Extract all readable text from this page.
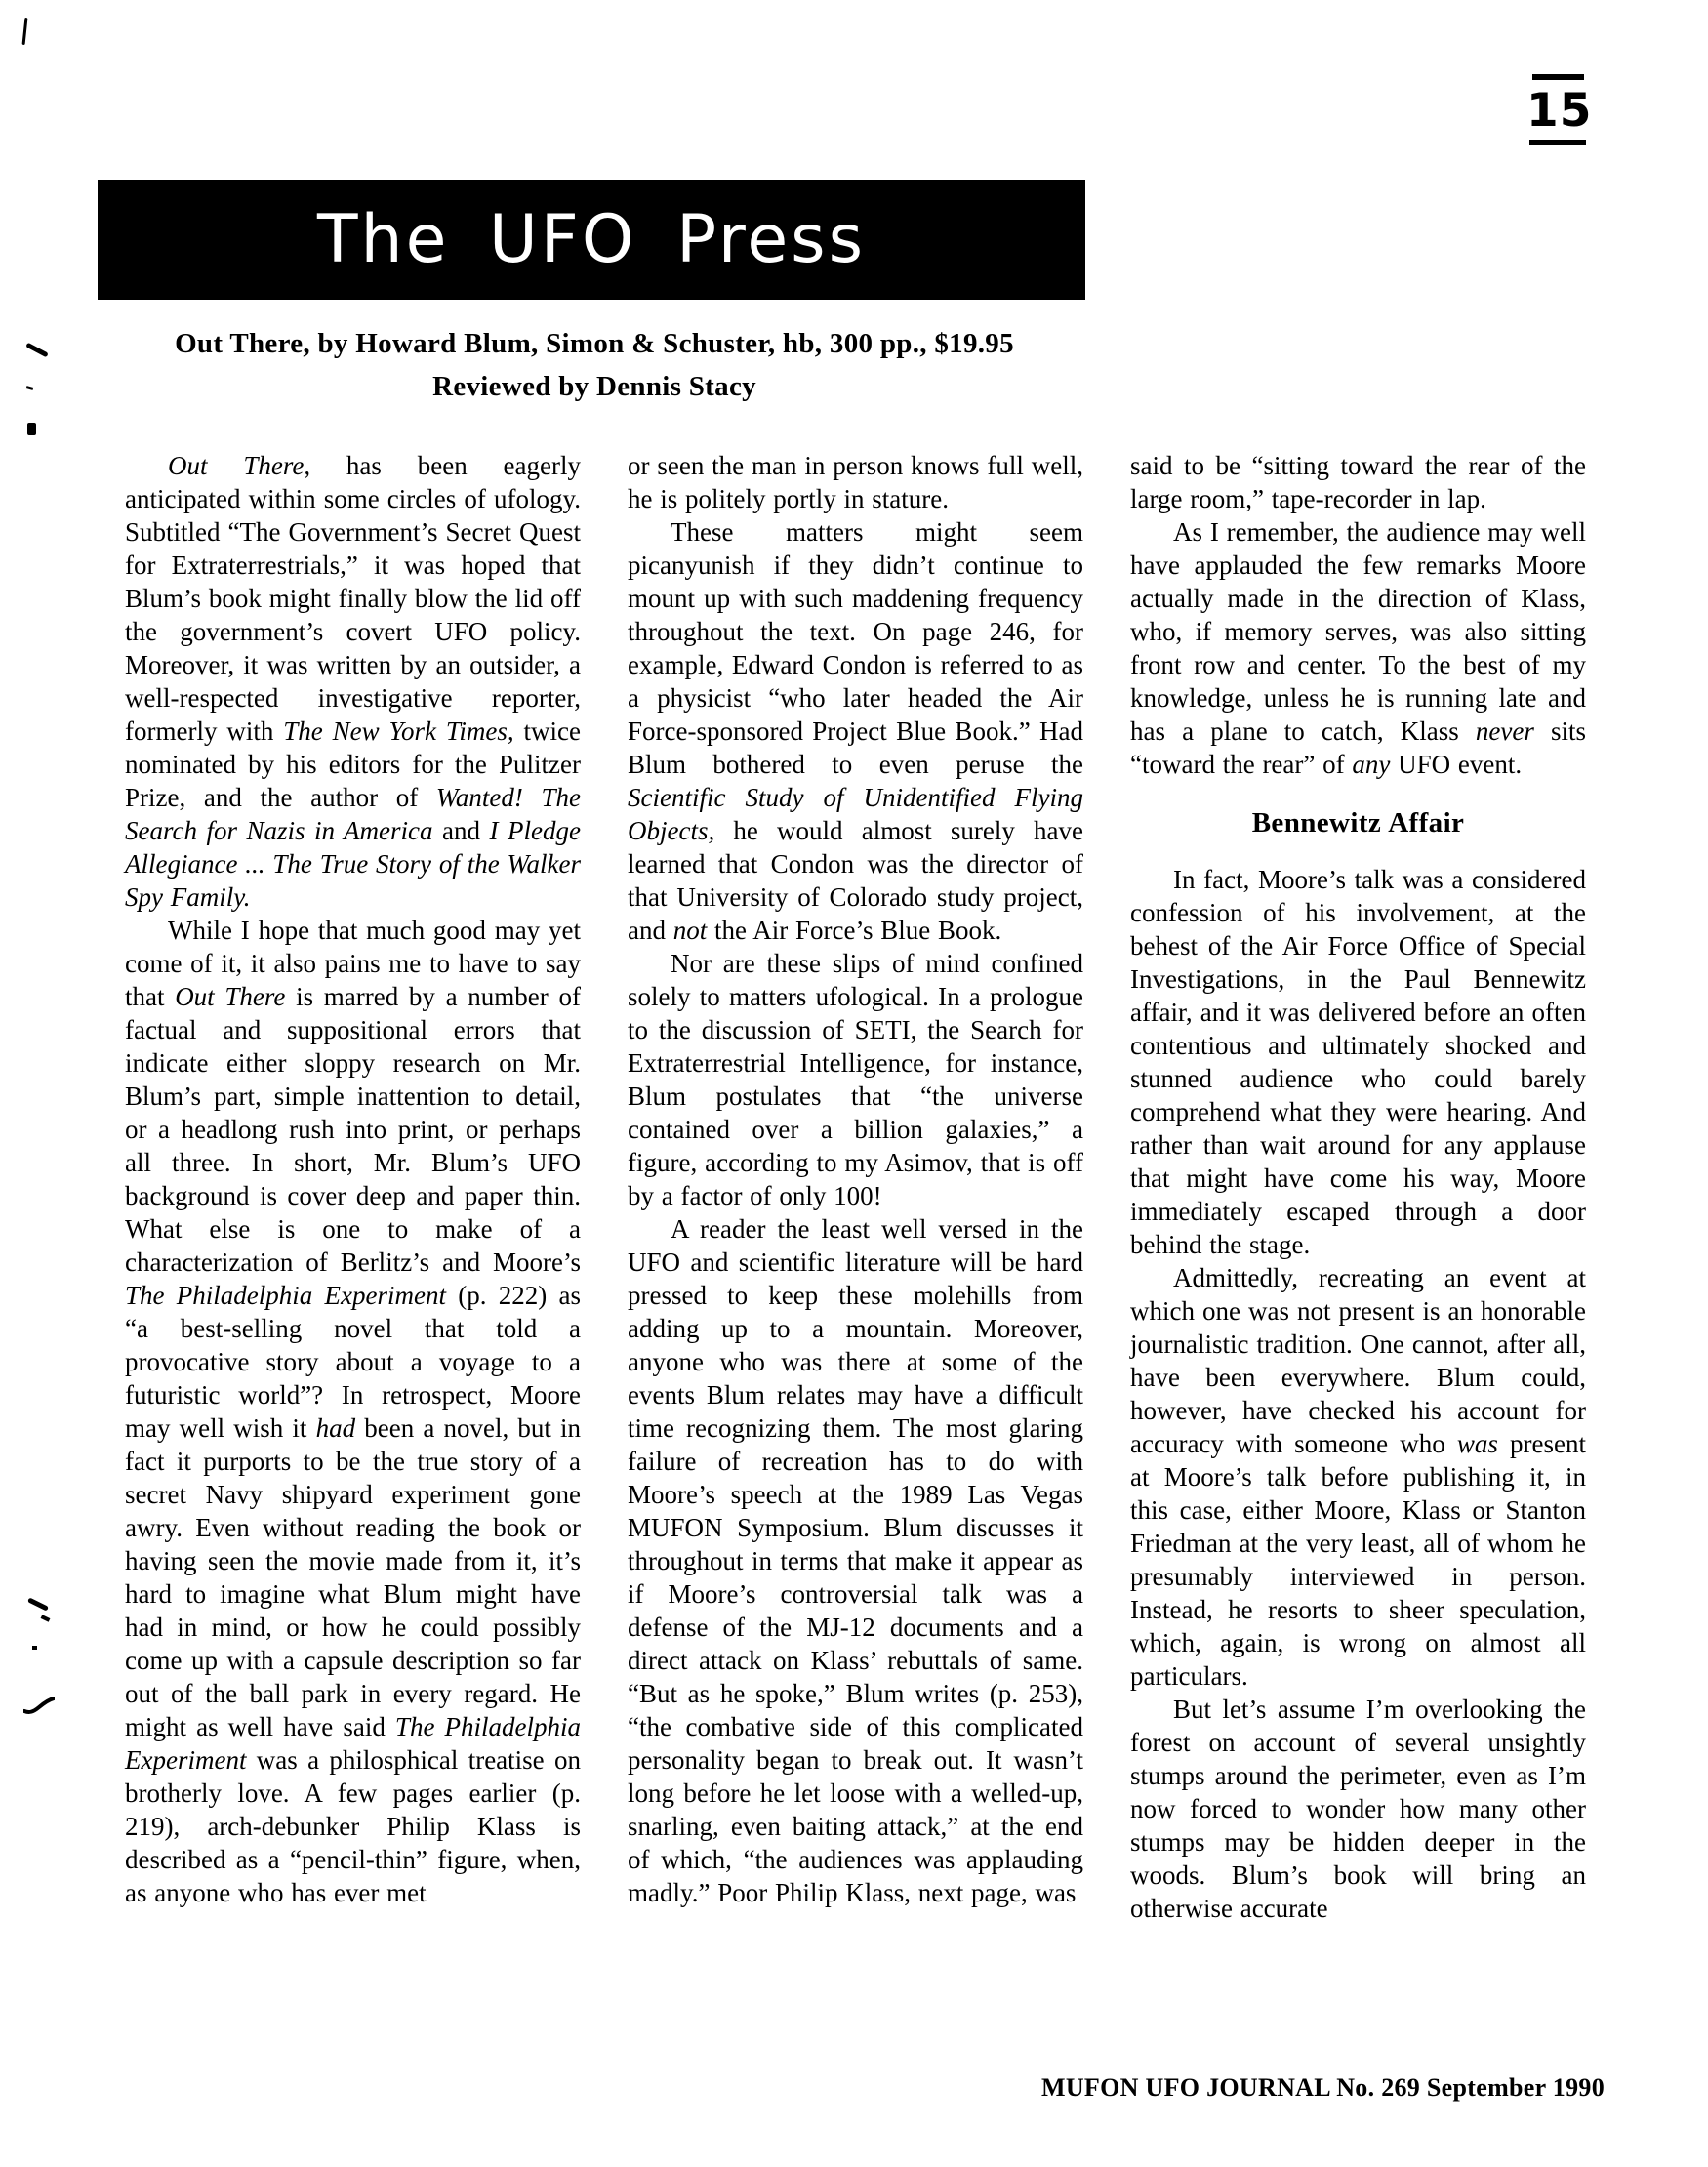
15
The UFO Press
Out There, by Howard Blum, Simon & Schuster, hb, 300 pp., $19.95
Reviewed by Dennis Stacy

Out There, has been eagerly anticipated within some circles of ufology. Subtitled “The Government’s Secret Quest for Extraterrestrials,” it was hoped that Blum’s book might finally blow the lid off the government’s covert UFO policy. Moreover, it was written by an outsider, a well-respected investigative reporter, formerly with The New York Times, twice nominated by his editors for the Pulitzer Prize, and the author of Wanted! The Search for Nazis in America and I Pledge Allegiance ... The True Story of the Walker Spy Family.

While I hope that much good may yet come of it, it also pains me to have to say that Out There is marred by a number of factual and suppositional errors that indicate either sloppy research on Mr. Blum’s part, simple inattention to detail, or a headlong rush into print, or perhaps all three. In short, Mr. Blum’s UFO background is cover deep and paper thin. What else is one to make of a characterization of Berlitz’s and Moore’s The Philadelphia Experiment (p. 222) as “a best-selling novel that told a provocative story about a voyage to a futuristic world”? In retrospect, Moore may well wish it had been a novel, but in fact it purports to be the true story of a secret Navy shipyard experiment gone awry. Even without reading the book or having seen the movie made from it, it’s hard to imagine what Blum might have had in mind, or how he could possibly come up with a capsule description so far out of the ball park in every regard. He might as well have said The Philadelphia Experiment was a philosphical treatise on brotherly love. A few pages earlier (p. 219), arch-debunker Philip Klass is described as a “pencil-thin” figure, when, as anyone who has ever met

or seen the man in person knows full well, he is politely portly in stature.

These matters might seem picanyunish if they didn’t continue to mount up with such maddening frequency throughout the text. On page 246, for example, Edward Condon is referred to as a physicist “who later headed the Air Force-sponsored Project Blue Book.” Had Blum bothered to even peruse the Scientific Study of Unidentified Flying Objects, he would almost surely have learned that Condon was the director of that University of Colorado study project, and not the Air Force’s Blue Book.

Nor are these slips of mind confined solely to matters ufological. In a prologue to the discussion of SETI, the Search for Extraterrestrial Intelligence, for instance, Blum postulates that “the universe contained over a billion galaxies,” a figure, according to my Asimov, that is off by a factor of only 100!

A reader the least well versed in the UFO and scientific literature will be hard pressed to keep these molehills from adding up to a mountain. Moreover, anyone who was there at some of the events Blum relates may have a difficult time recognizing them. The most glaring failure of recreation has to do with Moore’s speech at the 1989 Las Vegas MUFON Symposium. Blum discusses it throughout in terms that make it appear as if Moore’s controversial talk was a defense of the MJ-12 documents and a direct attack on Klass’ rebuttals of same. “But as he spoke,” Blum writes (p. 253), “the combative side of this complicated personality began to break out. It wasn’t long before he let loose with a welled-up, snarling, even baiting attack,” at the end of which, “the audiences was applauding madly.” Poor Philip Klass, next page, was

said to be “sitting toward the rear of the large room,” tape-recorder in lap.

As I remember, the audience may well have applauded the few remarks Moore actually made in the direction of Klass, who, if memory serves, was also sitting front row and center. To the best of my knowledge, unless he is running late and has a plane to catch, Klass never sits “toward the rear” of any UFO event.

Bennewitz Affair

In fact, Moore’s talk was a considered confession of his involvement, at the behest of the Air Force Office of Special Investigations, in the Paul Bennewitz affair, and it was delivered before an often contentious and ultimately shocked and stunned audience who could barely comprehend what they were hearing. And rather than wait around for any applause that might have come his way, Moore immediately escaped through a door behind the stage.

Admittedly, recreating an event at which one was not present is an honorable journalistic tradition. One cannot, after all, have been everywhere. Blum could, however, have checked his account for accuracy with someone who was present at Moore’s talk before publishing it, in this case, either Moore, Klass or Stanton Friedman at the very least, all of whom he presumably interviewed in person. Instead, he resorts to sheer speculation, which, again, is wrong on almost all particulars.

But let’s assume I’m overlooking the forest on account of several unsightly stumps around the perimeter, even as I’m now forced to wonder how many other stumps may be hidden deeper in the woods. Blum’s book will bring an otherwise accurate

MUFON UFO JOURNAL No. 269 September 1990
